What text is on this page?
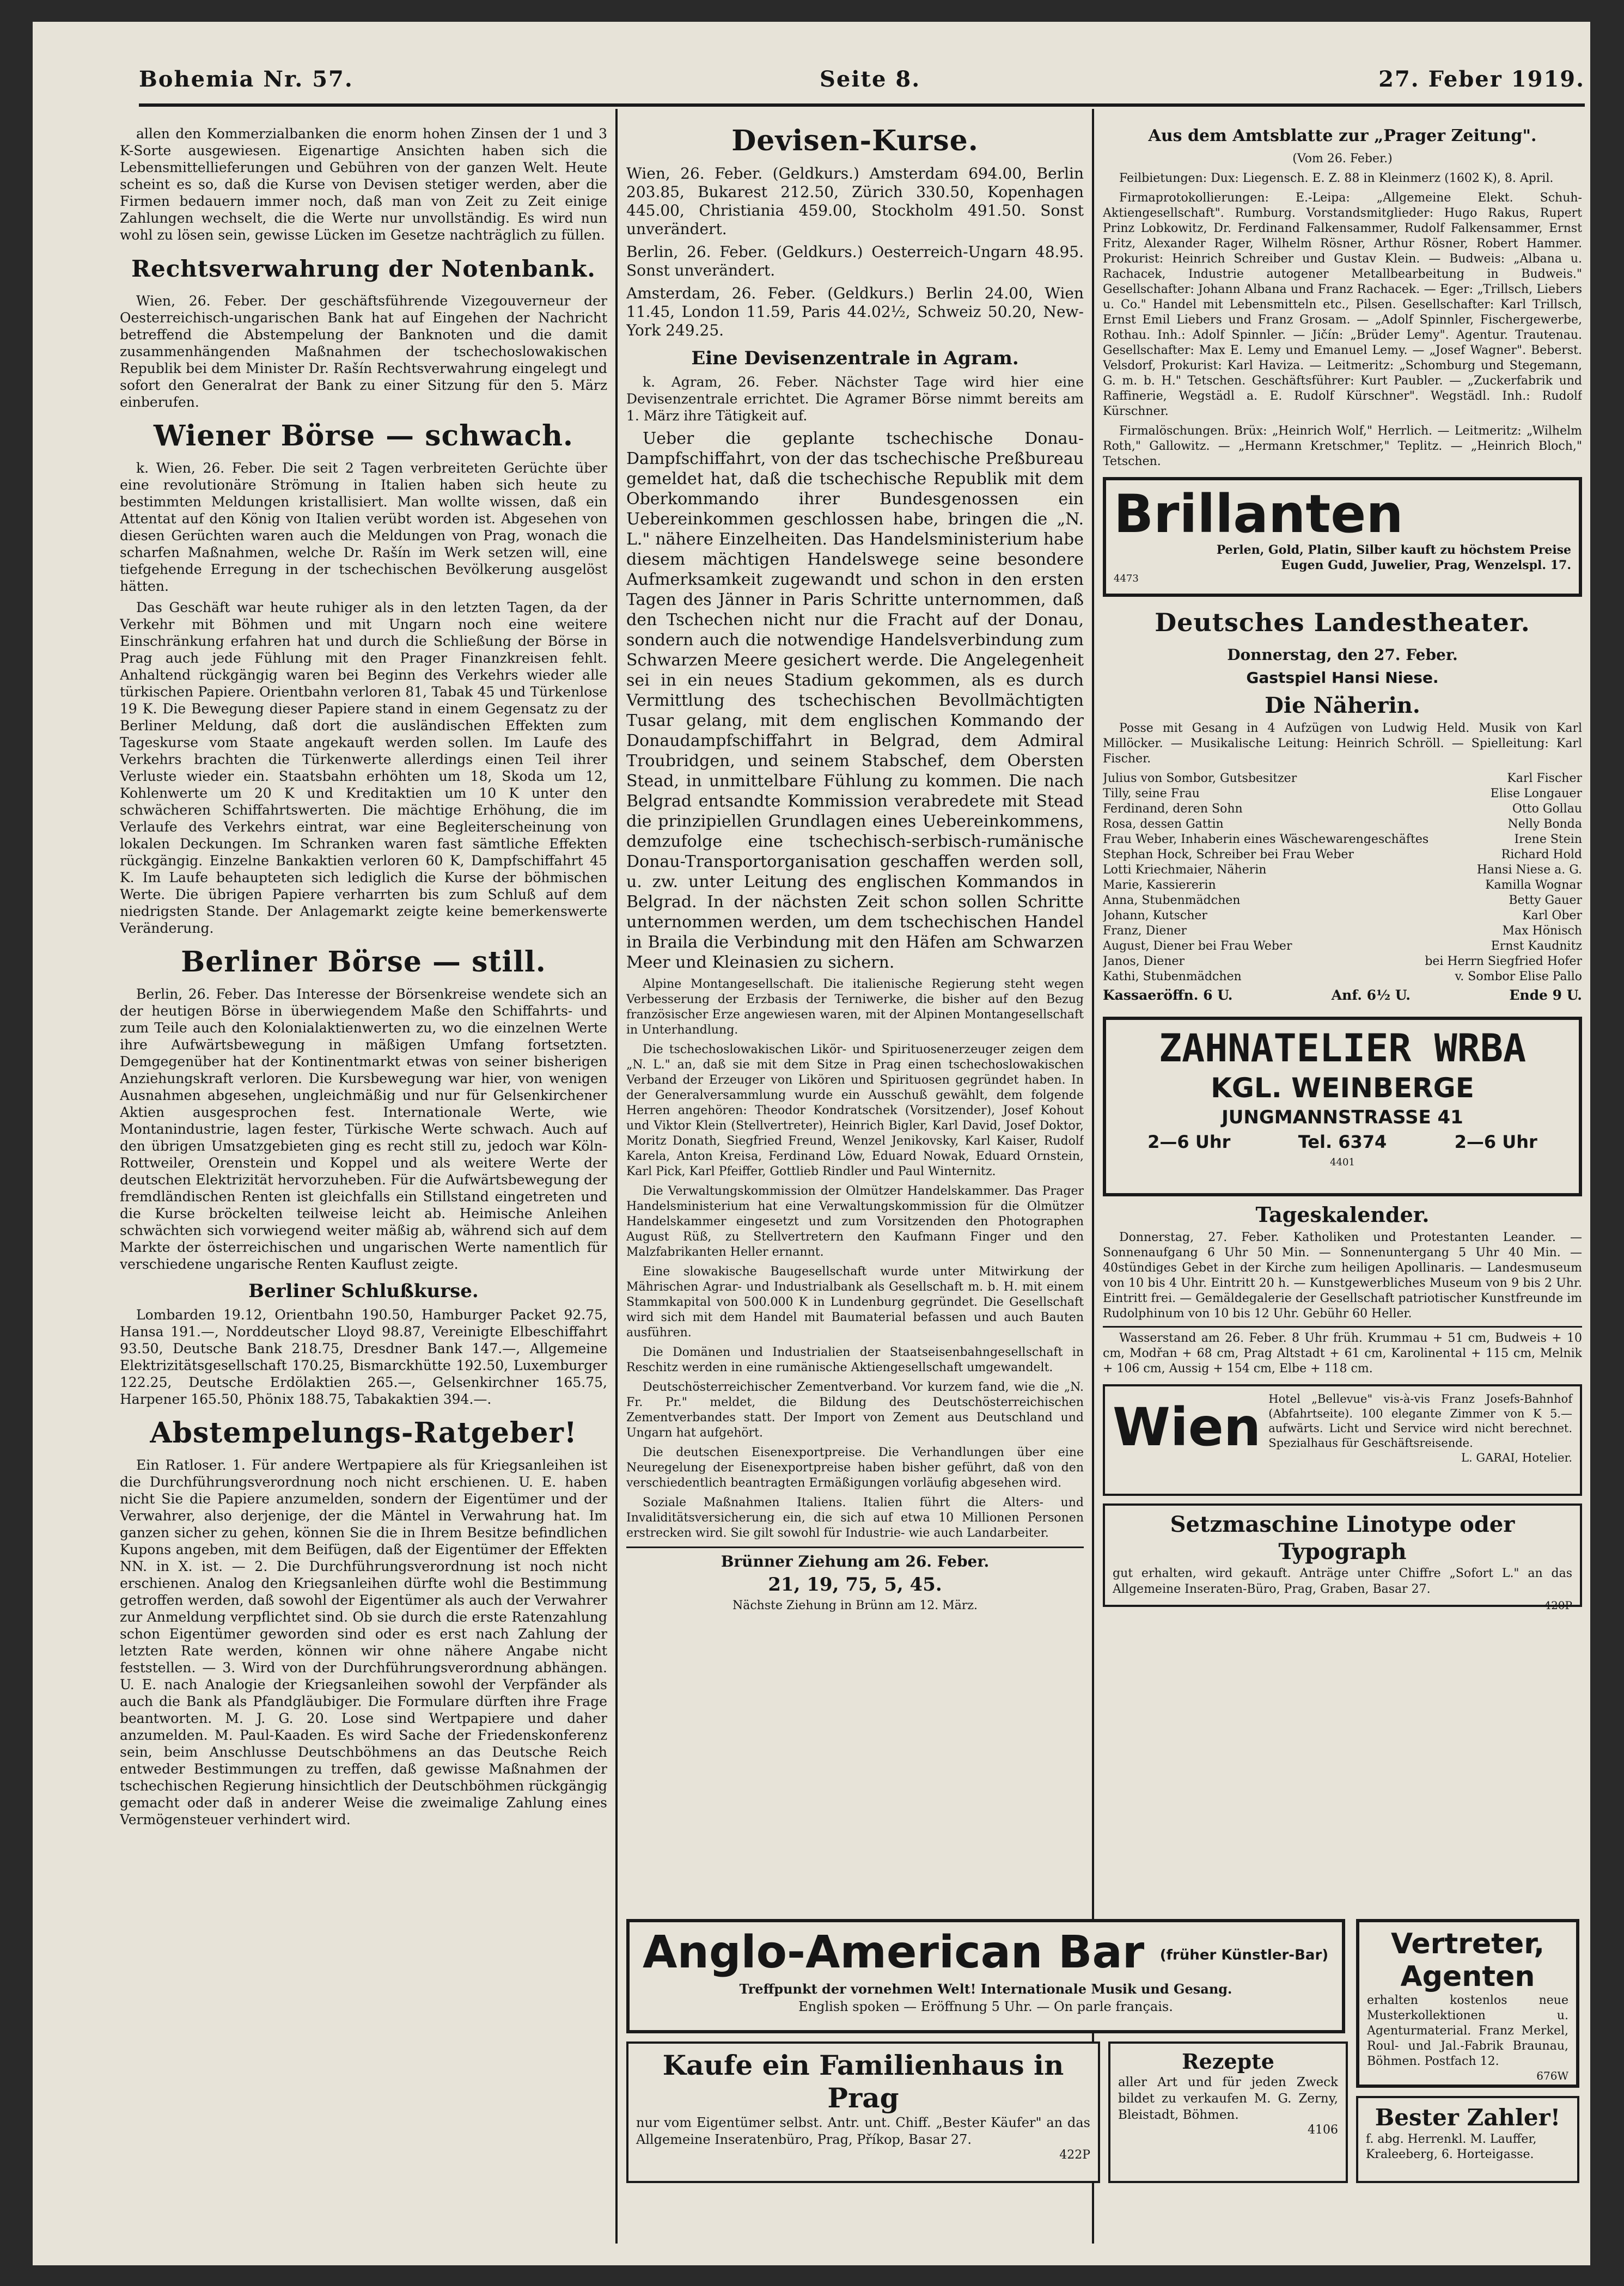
Bohemia Nr. 57.	Seite 8.	27. Feber 1919.

allen den Kommerzialbanken die enorm hohen Zinsen der 1 und 3 K-Sorte ausgewiesen. Eigenartige Ansichten haben sich die Lebensmittellieferungen und Gebühren von der ganzen Welt. Heute scheint es so, daß die Kurse von Devisen stetiger werden, aber die Firmen bedauern immer noch, daß man von Zeit zu Zeit einige Zahlungen wechselt, die die Werte nur unvollständig. Es wird nun wohl zu lösen sein, gewisse Lücken im Gesetze nachträglich zu füllen.

Rechtsverwahrung der Notenbank.

Wien, 26. Feber. Der geschäftsführende Vizegouverneur der Oesterreichisch-ungarischen Bank hat auf Eingehen der Nachricht betreffend die Abstempelung der Banknoten und die damit zusammenhängenden Maßnahmen der tschechoslowakischen Republik bei dem Minister Dr. Rašín Rechtsverwahrung eingelegt und sofort den Generalrat der Bank zu einer Sitzung für den 5. März einberufen.

Wiener Börse — schwach.

k. Wien, 26. Feber. Die seit 2 Tagen verbreiteten Gerüchte über eine revolutionäre Strömung in Italien haben sich heute zu bestimmten Meldungen kristallisiert. Man wollte wissen, daß ein Attentat auf den König von Italien verübt worden ist. Abgesehen von diesen Gerüchten waren auch die Meldungen von Prag, wonach die scharfen Maßnahmen, welche Dr. Rašín im Werk setzen will, eine tiefgehende Erregung in der tschechischen Bevölkerung ausgelöst hätten.

Das Geschäft war heute ruhiger als in den letzten Tagen, da der Verkehr mit Böhmen und mit Ungarn noch eine weitere Einschränkung erfahren hat und durch die Schließung der Börse in Prag auch jede Fühlung mit den Prager Finanzkreisen fehlt. Anhaltend rückgängig waren bei Beginn des Verkehrs wieder alle türkischen Papiere. Orientbahn verloren 81, Tabak 45 und Türkenlose 19 K. Die Bewegung dieser Papiere stand in einem Gegensatz zu der Berliner Meldung, daß dort die ausländischen Effekten zum Tageskurse vom Staate angekauft werden sollen. Im Laufe des Verkehrs brachten die Türkenwerte allerdings einen Teil ihrer Verluste wieder ein. Staatsbahn erhöhten um 18, Skoda um 12, Kohlenwerte um 20 K und Kreditaktien um 10 K unter den schwächeren Schiffahrtswerten. Die mächtige Erhöhung, die im Verlaufe des Verkehrs eintrat, war eine Begleiterscheinung von lokalen Deckungen. Im Schranken waren fast sämtliche Effekten rückgängig. Einzelne Bankaktien verloren 60 K, Dampfschiffahrt 45 K. Im Laufe behaupteten sich lediglich die Kurse der böhmischen Werte. Die übrigen Papiere verharrten bis zum Schluß auf dem niedrigsten Stande. Der Anlagemarkt zeigte keine bemerkenswerte Veränderung.

Berliner Börse — still.

Berlin, 26. Feber. Das Interesse der Börsenkreise wendete sich an der heutigen Börse in überwiegendem Maße den Schiffahrts- und zum Teile auch den Kolonialaktienwerten zu, wo die einzelnen Werte ihre Aufwärtsbewegung in mäßigen Umfang fortsetzten. Demgegenüber hat der Kontinentmarkt etwas von seiner bisherigen Anziehungskraft verloren. Die Kursbewegung war hier, von wenigen Ausnahmen abgesehen, ungleichmäßig und nur für Gelsenkirchener Aktien ausgesprochen fest. Internationale Werte, wie Montanindustrie, lagen fester, Türkische Werte schwach. Auch auf den übrigen Umsatzgebieten ging es recht still zu, jedoch war Köln-Rottweiler, Orenstein und Koppel und als weitere Werte der deutschen Elektrizität hervorzuheben. Für die Aufwärtsbewegung der fremdländischen Renten ist gleichfalls ein Stillstand eingetreten und die Kurse bröckelten teilweise leicht ab. Heimische Anleihen schwächten sich vorwiegend weiter mäßig ab, während sich auf dem Markte der österreichischen und ungarischen Werte namentlich für verschiedene ungarische Renten Kauflust zeigte.

Berliner Schlußkurse.

Lombarden 19.12, Orientbahn 190.50, Hamburger Packet 92.75, Hansa 191.—, Norddeutscher Lloyd 98.87, Vereinigte Elbeschiffahrt 93.50, Deutsche Bank 218.75, Dresdner Bank 147.—, Allgemeine Elektrizitätsgesellschaft 170.25, Bismarckhütte 192.50, Luxemburger 122.25, Deutsche Erdölaktien 265.—, Gelsenkirchner 165.75, Harpener 165.50, Phönix 188.75, Tabakaktien 394.—.

Abstempelungs-Ratgeber!

Ein Ratloser. 1. Für andere Wertpapiere als für Kriegsanleihen ist die Durchführungsverordnung noch nicht erschienen. U. E. haben nicht Sie die Papiere anzumelden, sondern der Eigentümer und der Verwahrer, also derjenige, der die Mäntel in Verwahrung hat. Im ganzen sicher zu gehen, können Sie die in Ihrem Besitze befindlichen Kupons angeben, mit dem Beifügen, daß der Eigentümer der Effekten NN. in X. ist. — 2. Die Durchführungsverordnung ist noch nicht erschienen. Analog den Kriegsanleihen dürfte wohl die Bestimmung getroffen werden, daß sowohl der Eigentümer als auch der Verwahrer zur Anmeldung verpflichtet sind. Ob sie durch die erste Ratenzahlung schon Eigentümer geworden sind oder es erst nach Zahlung der letzten Rate werden, können wir ohne nähere Angabe nicht feststellen. — 3. Wird von der Durchführungsverordnung abhängen. U. E. nach Analogie der Kriegsanleihen sowohl der Verpfänder als auch die Bank als Pfandgläubiger. Die Formulare dürften ihre Frage beantworten. M. J. G. 20. Lose sind Wertpapiere und daher anzumelden. M. Paul-Kaaden. Es wird Sache der Friedenskonferenz sein, beim Anschlusse Deutschböhmens an das Deutsche Reich entweder Bestimmungen zu treffen, daß gewisse Maßnahmen der tschechischen Regierung hinsichtlich der Deutschböhmen rückgängig gemacht oder daß in anderer Weise die zweimalige Zahlung eines Vermögensteuer verhindert wird.

Devisen-Kurse.

Wien, 26. Feber. (Geldkurs.) Amsterdam 694.00, Berlin 203.85, Bukarest 212.50, Zürich 330.50, Kopenhagen 445.00, Christiania 459.00, Stockholm 491.50. Sonst unverändert.

Berlin, 26. Feber. (Geldkurs.) Oesterreich-Ungarn 48.95. Sonst unverändert.

Amsterdam, 26. Feber. (Geldkurs.) Berlin 24.00, Wien 11.45, London 11.59, Paris 44.02½, Schweiz 50.20, New-York 249.25.

Eine Devisenzentrale in Agram.

k. Agram, 26. Feber. Nächster Tage wird hier eine Devisenzentrale errichtet. Die Agramer Börse nimmt bereits am 1. März ihre Tätigkeit auf.

Ueber die geplante tschechische Donau-Dampfschiffahrt, von der das tschechische Preßbureau gemeldet hat, daß die tschechische Republik mit dem Oberkommando ihrer Bundesgenossen ein Uebereinkommen geschlossen habe, bringen die „N. L." nähere Einzelheiten. Das Handelsministerium habe diesem mächtigen Handelswege seine besondere Aufmerksamkeit zugewandt und schon in den ersten Tagen des Jänner in Paris Schritte unternommen, daß den Tschechen nicht nur die Fracht auf der Donau, sondern auch die notwendige Handelsverbindung zum Schwarzen Meere gesichert werde. Die Angelegenheit sei in ein neues Stadium gekommen, als es durch Vermittlung des tschechischen Bevollmächtigten Tusar gelang, mit dem englischen Kommando der Donaudampfschiffahrt in Belgrad, dem Admiral Troubridgen, und seinem Stabschef, dem Obersten Stead, in unmittelbare Fühlung zu kommen. Die nach Belgrad entsandte Kommission verabredete mit Stead die prinzipiellen Grundlagen eines Uebereinkommens, demzufolge eine tschechisch-serbisch-rumänische Donau-Transportorganisation geschaffen werden soll, u. zw. unter Leitung des englischen Kommandos in Belgrad. In der nächsten Zeit schon sollen Schritte unternommen werden, um dem tschechischen Handel in Braila die Verbindung mit den Häfen am Schwarzen Meer und Kleinasien zu sichern.

Alpine Montangesellschaft. Die italienische Regierung steht wegen Verbesserung der Erzbasis der Terniwerke, die bisher auf den Bezug französischer Erze angewiesen waren, mit der Alpinen Montangesellschaft in Unterhandlung.

Die tschechoslowakischen Likör- und Spirituosenerzeuger zeigen dem „N. L." an, daß sie mit dem Sitze in Prag einen tschechoslowakischen Verband der Erzeuger von Likören und Spirituosen gegründet haben. In der Generalversammlung wurde ein Ausschuß gewählt, dem folgende Herren angehören: Theodor Kondratschek (Vorsitzender), Josef Kohout und Viktor Klein (Stellvertreter), Heinrich Bigler, Karl David, Josef Doktor, Moritz Donath, Siegfried Freund, Wenzel Jenikovsky, Karl Kaiser, Rudolf Karela, Anton Kreisa, Ferdinand Löw, Eduard Nowak, Eduard Ornstein, Karl Pick, Karl Pfeiffer, Gottlieb Rindler und Paul Winternitz.

Die Verwaltungskommission der Olmützer Handelskammer. Das Prager Handelsministerium hat eine Verwaltungskommission für die Olmützer Handelskammer eingesetzt und zum Vorsitzenden den Photographen August Rüß, zu Stellvertretern den Kaufmann Finger und den Malzfabrikanten Heller ernannt.

Eine slowakische Baugesellschaft wurde unter Mitwirkung der Mährischen Agrar- und Industrialbank als Gesellschaft m. b. H. mit einem Stammkapital von 500.000 K in Lundenburg gegründet. Die Gesellschaft wird sich mit dem Handel mit Baumaterial befassen und auch Bauten ausführen.

Die Domänen und Industrialien der Staatseisenbahngesellschaft in Reschitz werden in eine rumänische Aktiengesellschaft umgewandelt.

Deutschösterreichischer Zementverband. Vor kurzem fand, wie die „N. Fr. Pr." meldet, die Bildung des Deutschösterreichischen Zementverbandes statt. Der Import von Zement aus Deutschland und Ungarn hat aufgehört.

Die deutschen Eisenexportpreise. Die Verhandlungen über eine Neuregelung der Eisenexportpreise haben bisher geführt, daß von den verschiedentlich beantragten Ermäßigungen vorläufig abgesehen wird.

Soziale Maßnahmen Italiens. Italien führt die Alters- und Invaliditätsversicherung ein, die sich auf etwa 10 Millionen Personen erstrecken wird. Sie gilt sowohl für Industrie- wie auch Landarbeiter.

Brünner Ziehung am 26. Feber.

21, 19, 75, 5, 45.

Nächste Ziehung in Brünn am 12. März.

Anglo-American Bar (früher Künstler-Bar)
Treffpunkt der vornehmen Welt! Internationale Musik und Gesang.
English spoken — Eröffnung 5 Uhr. — On parle français.
Kaufe ein Familienhaus in Prag
nur vom Eigentümer selbst. Antr. unt. Chiff. „Bester Käufer" an das Allgemeine Inseratenbüro, Prag, Příkop, Basar 27.
422P
Rezepte
aller Art und für jeden Zweck bildet zu verkaufen M. G. Zerny, Bleistadt, Böhmen.
4106
Aus dem Amtsblatte zur „Prager Zeitung".

(Vom 26. Feber.)

Feilbietungen: Dux: Liegensch. E. Z. 88 in Kleinmerz (1602 K), 8. April.

Firmaprotokollierungen: E.-Leipa: „Allgemeine Elekt. Schuh-Aktiengesellschaft". Rumburg. Vorstandsmitglieder: Hugo Rakus, Rupert Prinz Lobkowitz, Dr. Ferdinand Falkensammer, Rudolf Falkensammer, Ernst Fritz, Alexander Rager, Wilhelm Rösner, Arthur Rösner, Robert Hammer. Prokurist: Heinrich Schreiber und Gustav Klein. — Budweis: „Albana u. Rachacek, Industrie autogener Metallbearbeitung in Budweis." Gesellschafter: Johann Albana und Franz Rachacek. — Eger: „Trillsch, Liebers u. Co." Handel mit Lebensmitteln etc., Pilsen. Gesellschafter: Karl Trillsch, Ernst Emil Liebers und Franz Grosam. — „Adolf Spinnler, Fischergewerbe, Rothau. Inh.: Adolf Spinnler. — Jičín: „Brüder Lemy". Agentur. Trautenau. Gesellschafter: Max E. Lemy und Emanuel Lemy. — „Josef Wagner". Beberst. Velsdorf, Prokurist: Karl Haviza. — Leitmeritz: „Schomburg und Stegemann, G. m. b. H." Tetschen. Geschäftsführer: Kurt Paubler. — „Zuckerfabrik und Raffinerie, Wegstädl a. E. Rudolf Kürschner". Wegstädl. Inh.: Rudolf Kürschner.

Firmalöschungen. Brüx: „Heinrich Wolf," Herrlich. — Leitmeritz: „Wilhelm Roth," Gallowitz. — „Hermann Kretschmer," Teplitz. — „Heinrich Bloch," Tetschen.

Brillanten
Perlen, Gold, Platin, Silber kauft zu höchstem Preise
Eugen Gudd, Juwelier, Prag, Wenzelspl. 17.
4473
Deutsches Landestheater.

Donnerstag, den 27. Feber.

Gastspiel Hansi Niese.

Die Näherin.

Posse mit Gesang in 4 Aufzügen von Ludwig Held. Musik von Karl Millöcker. — Musikalische Leitung: Heinrich Schröll. — Spielleitung: Karl Fischer.

Julius von Sombor, Gutsbesitzer	Karl Fischer
Tilly, seine Frau	Elise Longauer
Ferdinand, deren Sohn	Otto Gollau
Rosa, dessen Gattin	Nelly Bonda
Frau Weber, Inhaberin eines Wäschewarengeschäftes	Irene Stein
Stephan Hock, Schreiber bei Frau Weber	Richard Hold
Lotti Kriechmaier, Näherin	Hansi Niese a. G.
Marie, Kassiererin	Kamilla Wognar
Anna, Stubenmädchen	Betty Gauer
Johann, Kutscher	Karl Ober
Franz, Diener	Max Hönisch
August, Diener bei Frau Weber	Ernst Kaudnitz
Janos, Diener	bei Herrn Siegfried Hofer
Kathi, Stubenmädchen	v. Sombor Elise Pallo
Kassaeröffn. 6 U.	Anf. 6½ U.	Ende 9 U.
ZAHNATELIER WRBA
KGL. WEINBERGE
JUNGMANNSTRASSE 41
2—6 Uhr	Tel. 6374	2—6 Uhr
4401
Tageskalender.

Donnerstag, 27. Feber. Katholiken und Protestanten Leander. — Sonnenaufgang 6 Uhr 50 Min. — Sonnenuntergang 5 Uhr 40 Min. — 40stündiges Gebet in der Kirche zum heiligen Apollinaris. — Landesmuseum von 10 bis 4 Uhr. Eintritt 20 h. — Kunstgewerbliches Museum von 9 bis 2 Uhr. Eintritt frei. — Gemäldegalerie der Gesellschaft patriotischer Kunstfreunde im Rudolphinum von 10 bis 12 Uhr. Gebühr 60 Heller.

Wasserstand am 26. Feber. 8 Uhr früh. Krummau + 51 cm, Budweis + 10 cm, Modřan + 68 cm, Prag Altstadt + 61 cm, Karolinental + 115 cm, Melnik + 106 cm, Aussig + 154 cm, Elbe + 118 cm.

Wien Hotel „Bellevue" vis-à-vis Franz Josefs-Bahnhof (Abfahrtseite). 100 elegante Zimmer von K 5.— aufwärts. Licht und Service wird nicht berechnet. Spezialhaus für Geschäftsreisende.
L. GARAI, Hotelier.
Setzmaschine Linotype oder Typograph
gut erhalten, wird gekauft. Anträge unter Chiffre „Sofort L." an das Allgemeine Inseraten-Büro, Prag, Graben, Basar 27.
420P
Vertreter, Agenten
erhalten kostenlos neue Musterkollektionen u. Agenturmaterial. Franz Merkel, Roul- und Jal.-Fabrik Braunau, Böhmen. Postfach 12.
676W
Bester Zahler!
f. abg. Herrenkl. M. Lauffer, Kraleeberg, 6. Horteigasse.
